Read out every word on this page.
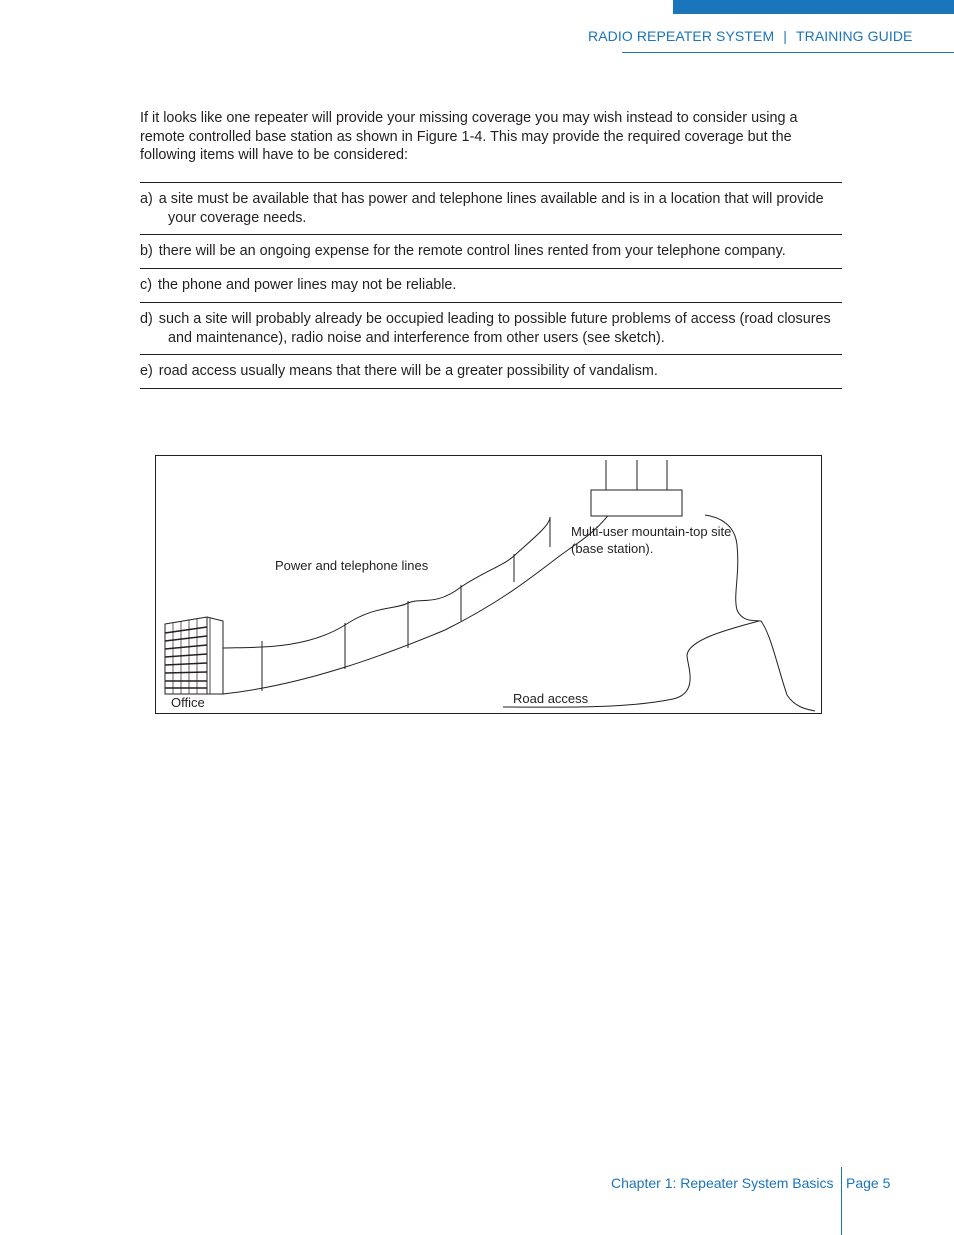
RADIO REPEATER SYSTEM | TRAINING GUIDE

If it looks like one repeater will provide your missing coverage you may wish instead to consider using a remote controlled base station as shown in Figure 1-4. This may provide the required coverage but the following items will have to be considered:

a) a site must be available that has power and telephone lines available and is in a location that will provide your coverage needs.
b) there will be an ongoing expense for the remote control lines rented from your telephone company.
c) the phone and power lines may not be reliable.
d) such a site will probably already be occupied leading to possible future problems of access (road closures and maintenance), radio noise and interference from other users (see sketch).
e) road access usually means that there will be a greater possibility of vandalism.
Power and telephone lines
Multi-user mountain-top site (base station).
Road access
Office
Chapter 1: Repeater System Basics Page 5
